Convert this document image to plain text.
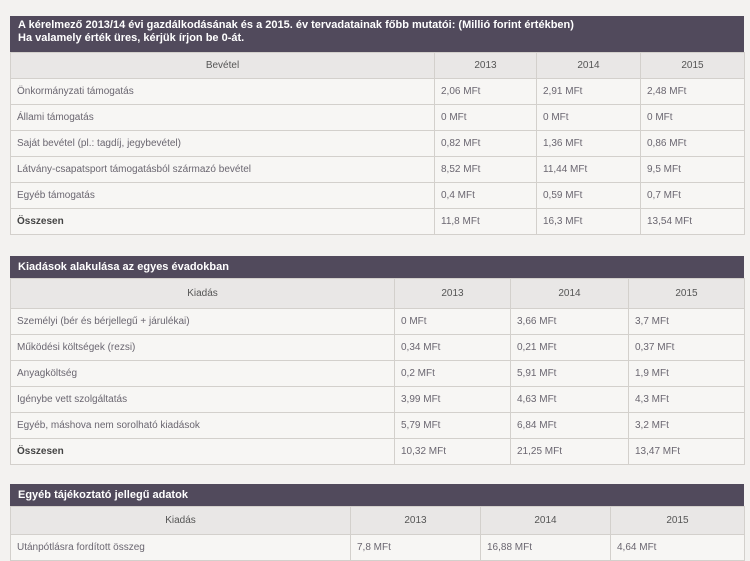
A kérelmező 2013/14 évi gazdálkodásának és a 2015. év tervadatainak főbb mutatói: (Millió forint értékben)
Ha valamely érték üres, kérjük írjon be 0-át.
Bevétel	2013	2014	2015
Önkormányzati támogatás	2,06 MFt	2,91 MFt	2,48 MFt
Állami támogatás	0 MFt	0 MFt	0 MFt
Saját bevétel (pl.: tagdíj, jegybevétel)	0,82 MFt	1,36 MFt	0,86 MFt
Látvány-csapatsport támogatásból származó bevétel	8,52 MFt	11,44 MFt	9,5 MFt
Egyéb támogatás	0,4 MFt	0,59 MFt	0,7 MFt
Összesen	11,8 MFt	16,3 MFt	13,54 MFt
Kiadások alakulása az egyes évadokban
Kiadás	2013	2014	2015
Személyi (bér és bérjellegű + járulékai)	0 MFt	3,66 MFt	3,7 MFt
Működési költségek (rezsi)	0,34 MFt	0,21 MFt	0,37 MFt
Anyagköltség	0,2 MFt	5,91 MFt	1,9 MFt
Igénybe vett szolgáltatás	3,99 MFt	4,63 MFt	4,3 MFt
Egyéb, máshova nem sorolható kiadások	5,79 MFt	6,84 MFt	3,2 MFt
Összesen	10,32 MFt	21,25 MFt	13,47 MFt
Egyéb tájékoztató jellegű adatok
Kiadás	2013	2014	2015
Utánpótlásra fordított összeg	7,8 MFt	16,88 MFt	4,64 MFt
